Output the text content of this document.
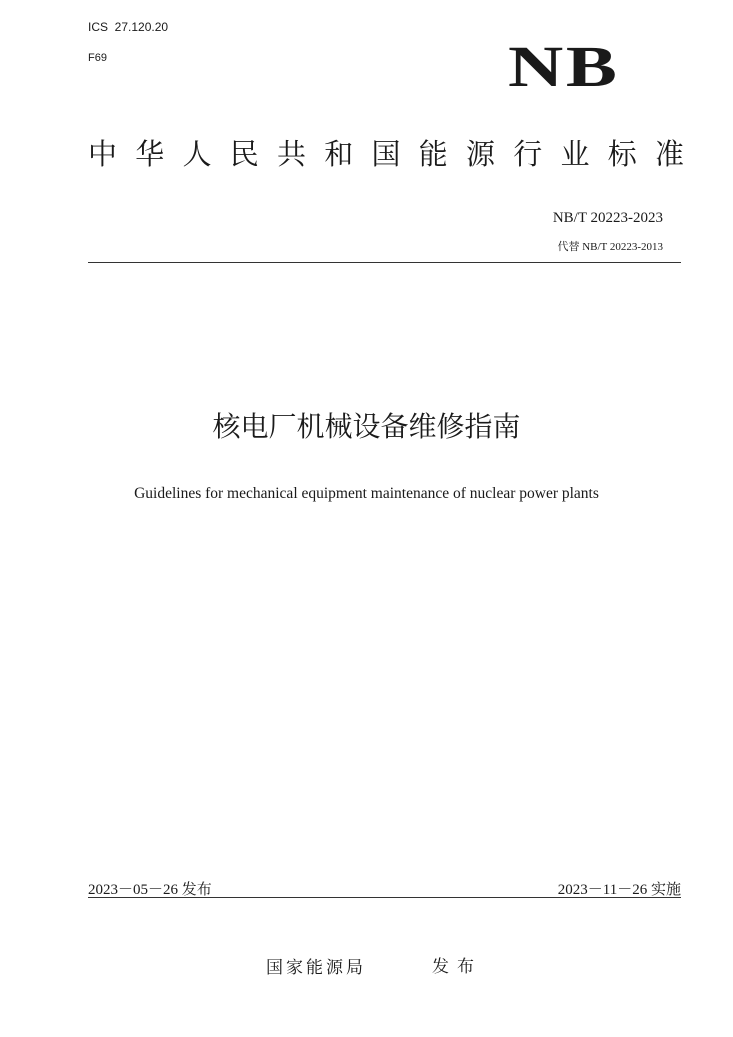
ICS  27.120.20
F69	NB
中华人民共和国能源行业标准
NB/T 20223-2023
代替 NB/T 20223-2013
核电厂机械设备维修指南
Guidelines for mechanical equipment maintenance of nuclear power plants
2023－05－26 发布	2023－11－26 实施
国家能源局	发布
